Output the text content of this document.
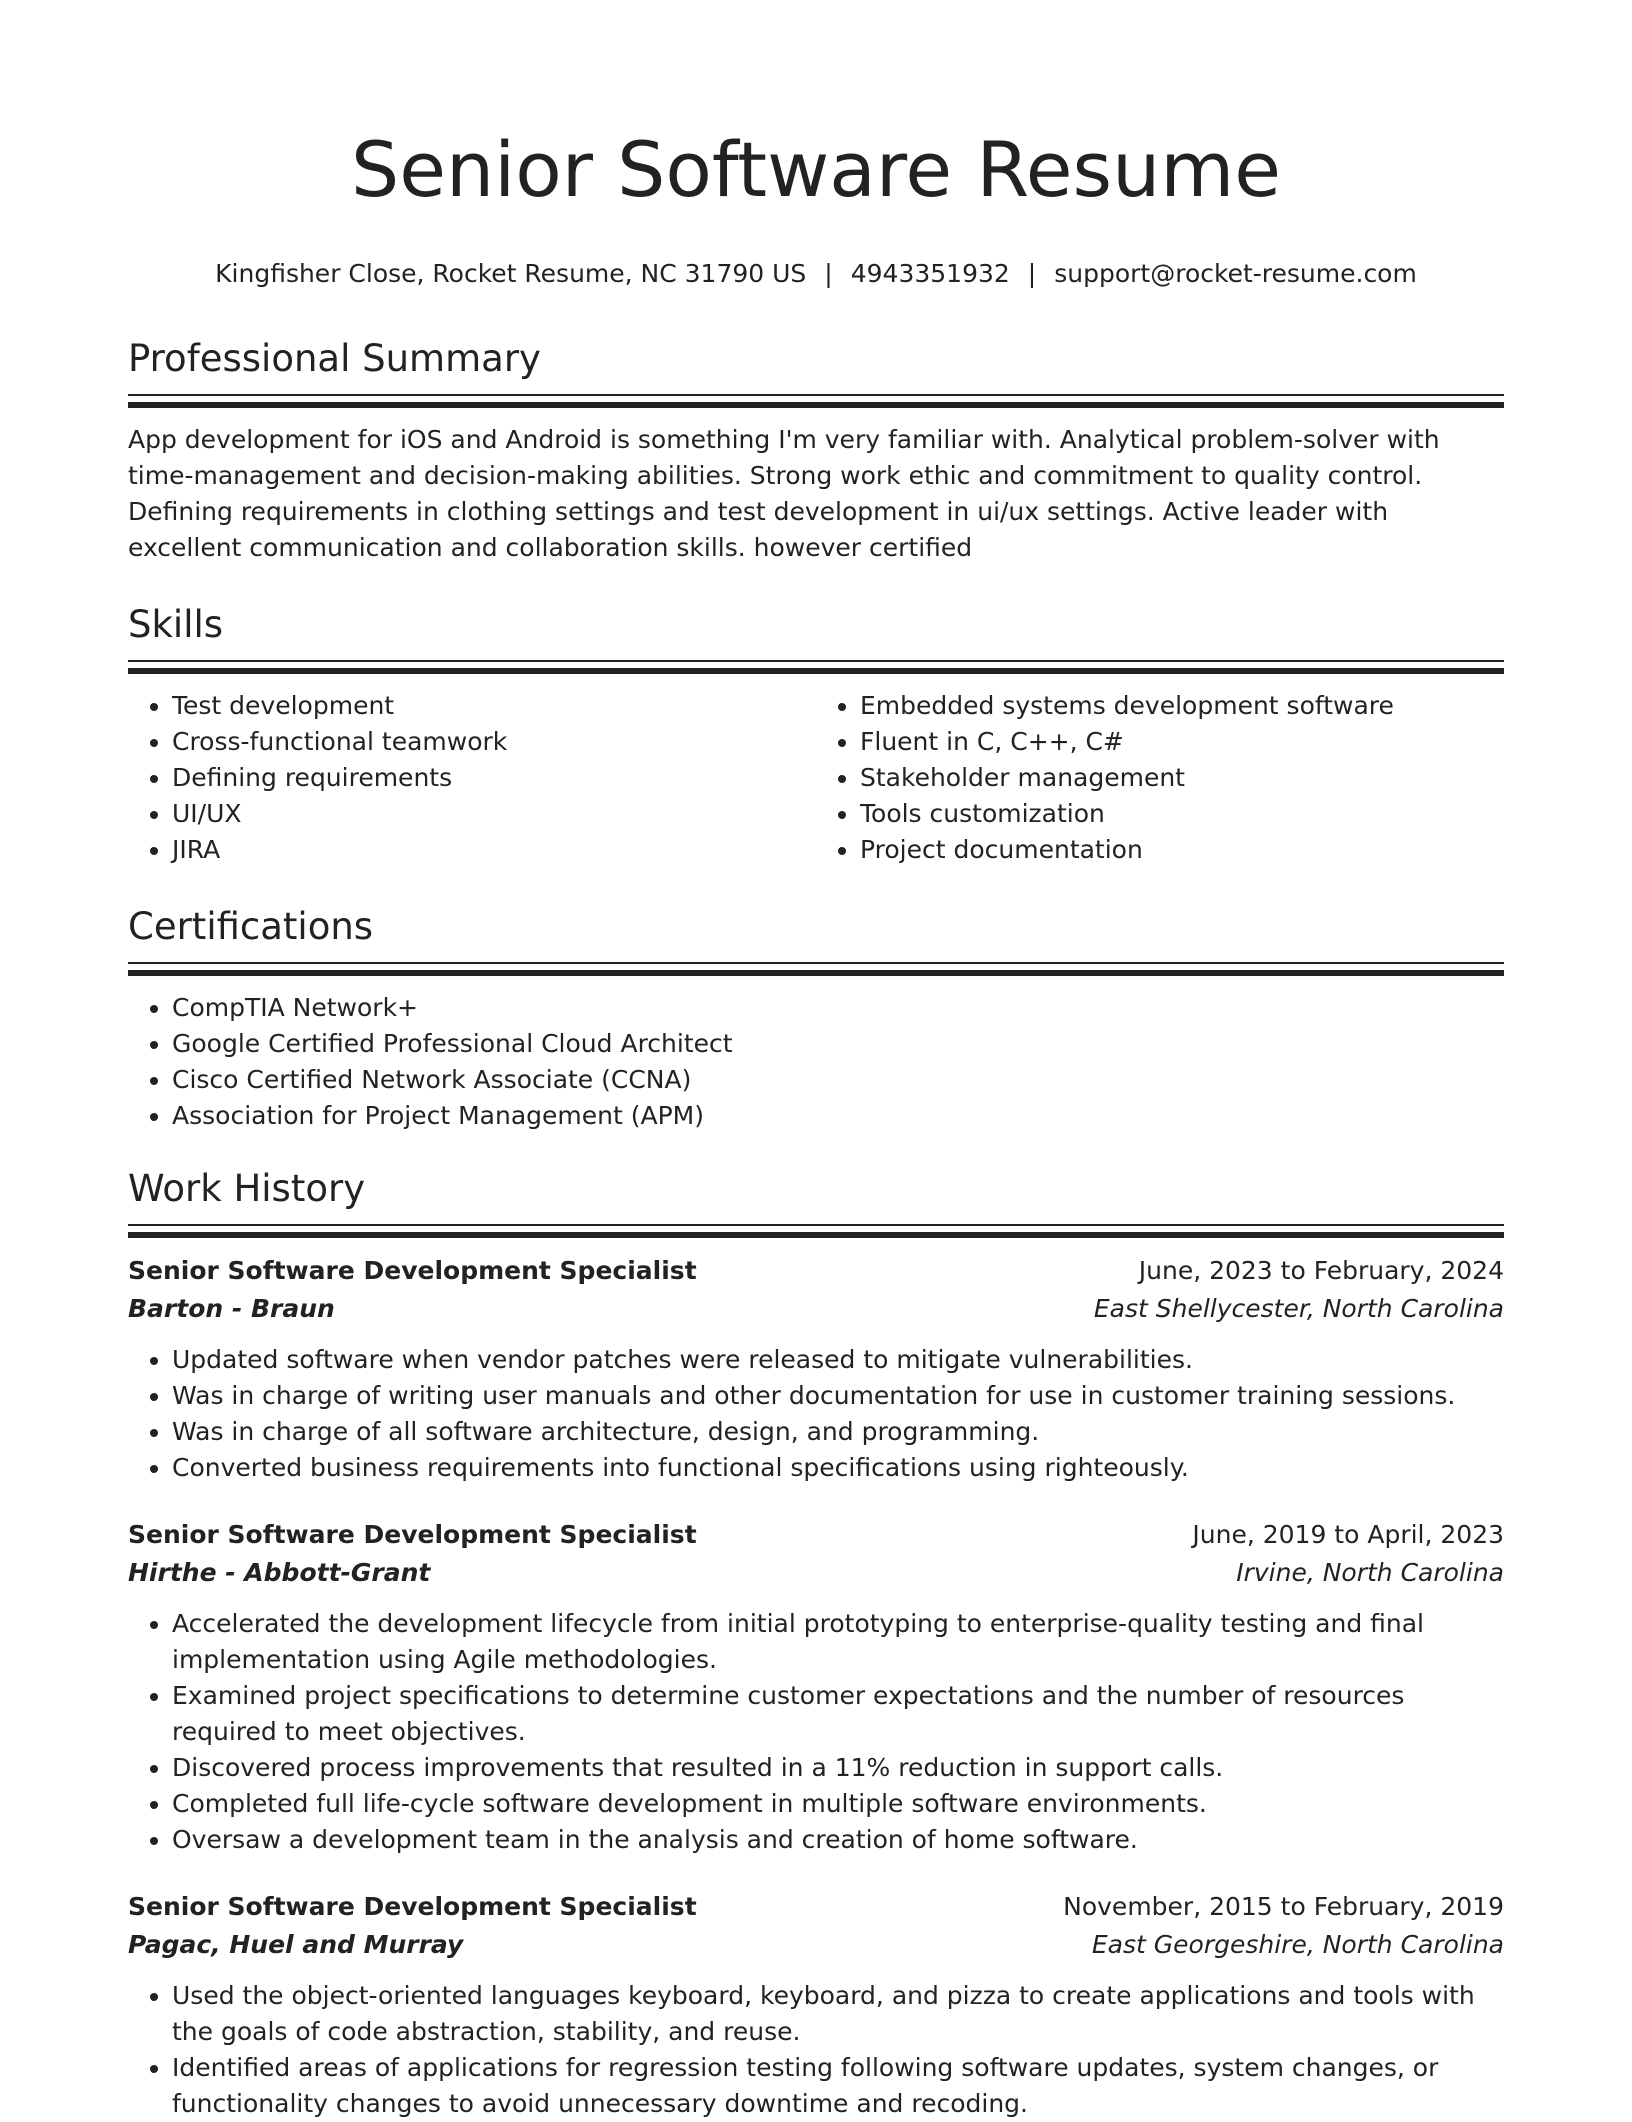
Senior Software Resume
Kingfisher Close, Rocket Resume, NC 31790 US | 4943351932 | support@rocket-resume.com
Professional Summary

App development for iOS and Android is something I'm very familiar with. Analytical problem-solver with time-management and decision-making abilities. Strong work ethic and commitment to quality control. Defining requirements in clothing settings and test development in ui/ux settings. Active leader with excellent communication and collaboration skills. however certified

Skills
• Test development
• Cross-functional teamwork
• Defining requirements
• UI/UX
• JIRA
• Embedded systems development software
• Fluent in C, C++, C#
• Stakeholder management
• Tools customization
• Project documentation
Certifications
• CompTIA Network+
• Google Certified Professional Cloud Architect
• Cisco Certified Network Associate (CCNA)
• Association for Project Management (APM)
Work History
Senior Software Development Specialist	June, 2023 to February, 2024
Barton - Braun	East Shellycester, North Carolina
• Updated software when vendor patches were released to mitigate vulnerabilities.
• Was in charge of writing user manuals and other documentation for use in customer training sessions.
• Was in charge of all software architecture, design, and programming.
• Converted business requirements into functional specifications using righteously.
Senior Software Development Specialist	June, 2019 to April, 2023
Hirthe - Abbott-Grant	Irvine, North Carolina
• Accelerated the development lifecycle from initial prototyping to enterprise-quality testing and final implementation using Agile methodologies.
• Examined project specifications to determine customer expectations and the number of resources required to meet objectives.
• Discovered process improvements that resulted in a 11% reduction in support calls.
• Completed full life-cycle software development in multiple software environments.
• Oversaw a development team in the analysis and creation of home software.
Senior Software Development Specialist	November, 2015 to February, 2019
Pagac, Huel and Murray	East Georgeshire, North Carolina
• Used the object-oriented languages keyboard, keyboard, and pizza to create applications and tools with the goals of code abstraction, stability, and reuse.
• Identified areas of applications for regression testing following software updates, system changes, or functionality changes to avoid unnecessary downtime and recoding.
